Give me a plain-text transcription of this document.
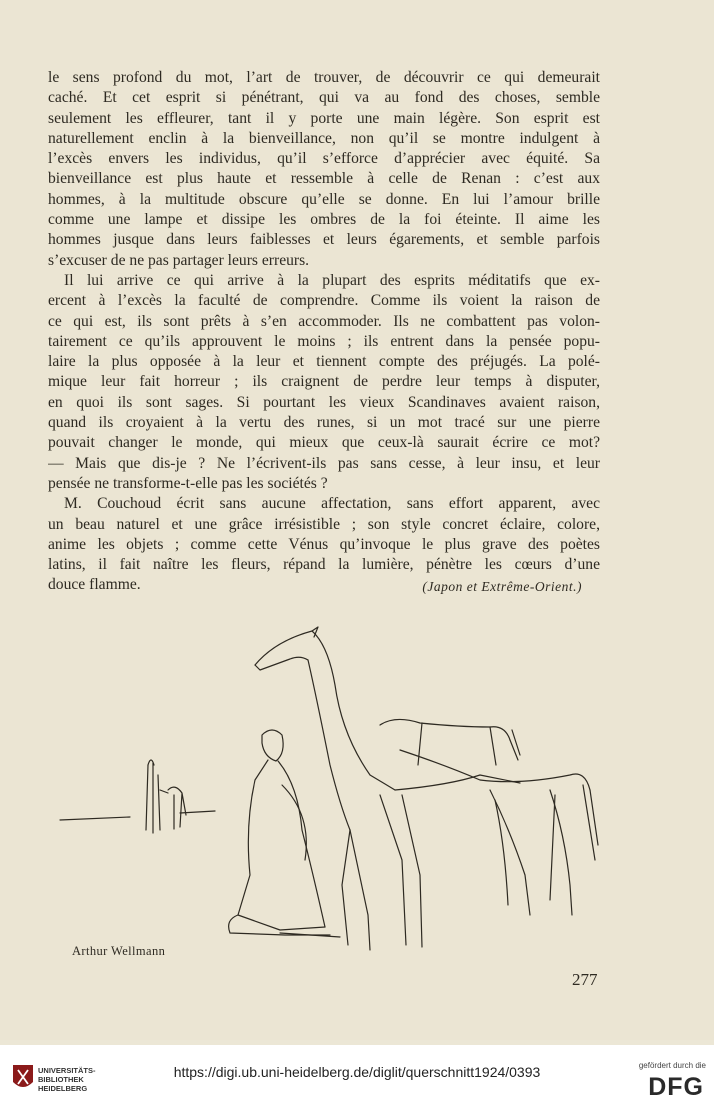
le sens profond du mot, l’art de trouver, de découvrir ce qui demeurait
caché. Et cet esprit si pénétrant, qui va au fond des choses, semble
seulement les effleurer, tant il y porte une main légère. Son esprit est
naturellement enclin à la bienveillance, non qu’il se montre indulgent à
l’excès envers les individus, qu’il s’efforce d’apprécier avec équité. Sa
bienveillance est plus haute et ressemble à celle de Renan : c’est aux
hommes, à la multitude obscure qu’elle se donne. En lui l’amour brille
comme une lampe et dissipe les ombres de la foi éteinte. Il aime les
hommes jusque dans leurs faiblesses et leurs égarements, et semble parfois
s’excuser de ne pas partager leurs erreurs.
Il lui arrive ce qui arrive à la plupart des esprits méditatifs que ex-
ercent à l’excès la faculté de comprendre. Comme ils voient la raison de
ce qui est, ils sont prêts à s’en accommoder. Ils ne combattent pas volon-
tairement ce qu’ils approuvent le moins ; ils entrent dans la pensée popu-
laire la plus opposée à la leur et tiennent compte des préjugés. La polé-
mique leur fait horreur ; ils craignent de perdre leur temps à disputer,
en quoi ils sont sages. Si pourtant les vieux Scandinaves avaient raison,
quand ils croyaient à la vertu des runes, si un mot tracé sur une pierre
pouvait changer le monde, qui mieux que ceux-là saurait écrire ce mot?
— Mais que dis-je ? Ne l’écrivent-ils pas sans cesse, à leur insu, et leur
pensée ne transforme-t-elle pas les sociétés ?
M. Couchoud écrit sans aucune affectation, sans effort apparent, avec
un beau naturel et une grâce irrésistible ; son style concret éclaire, colore,
anime les objets ; comme cette Vénus qu’invoque le plus grave des poètes
latins, il fait naître les fleurs, répand la lumière, pénètre les cœurs d’une
douce flamme.	(Japon et Extrême-Orient.)
Arthur Wellmann
277
UNIVERSITÄTS-
BIBLIOTHEK
HEIDELBERG
https://digi.ub.uni-heidelberg.de/diglit/querschnitt1924/0393	gefördert durch die
DFG
